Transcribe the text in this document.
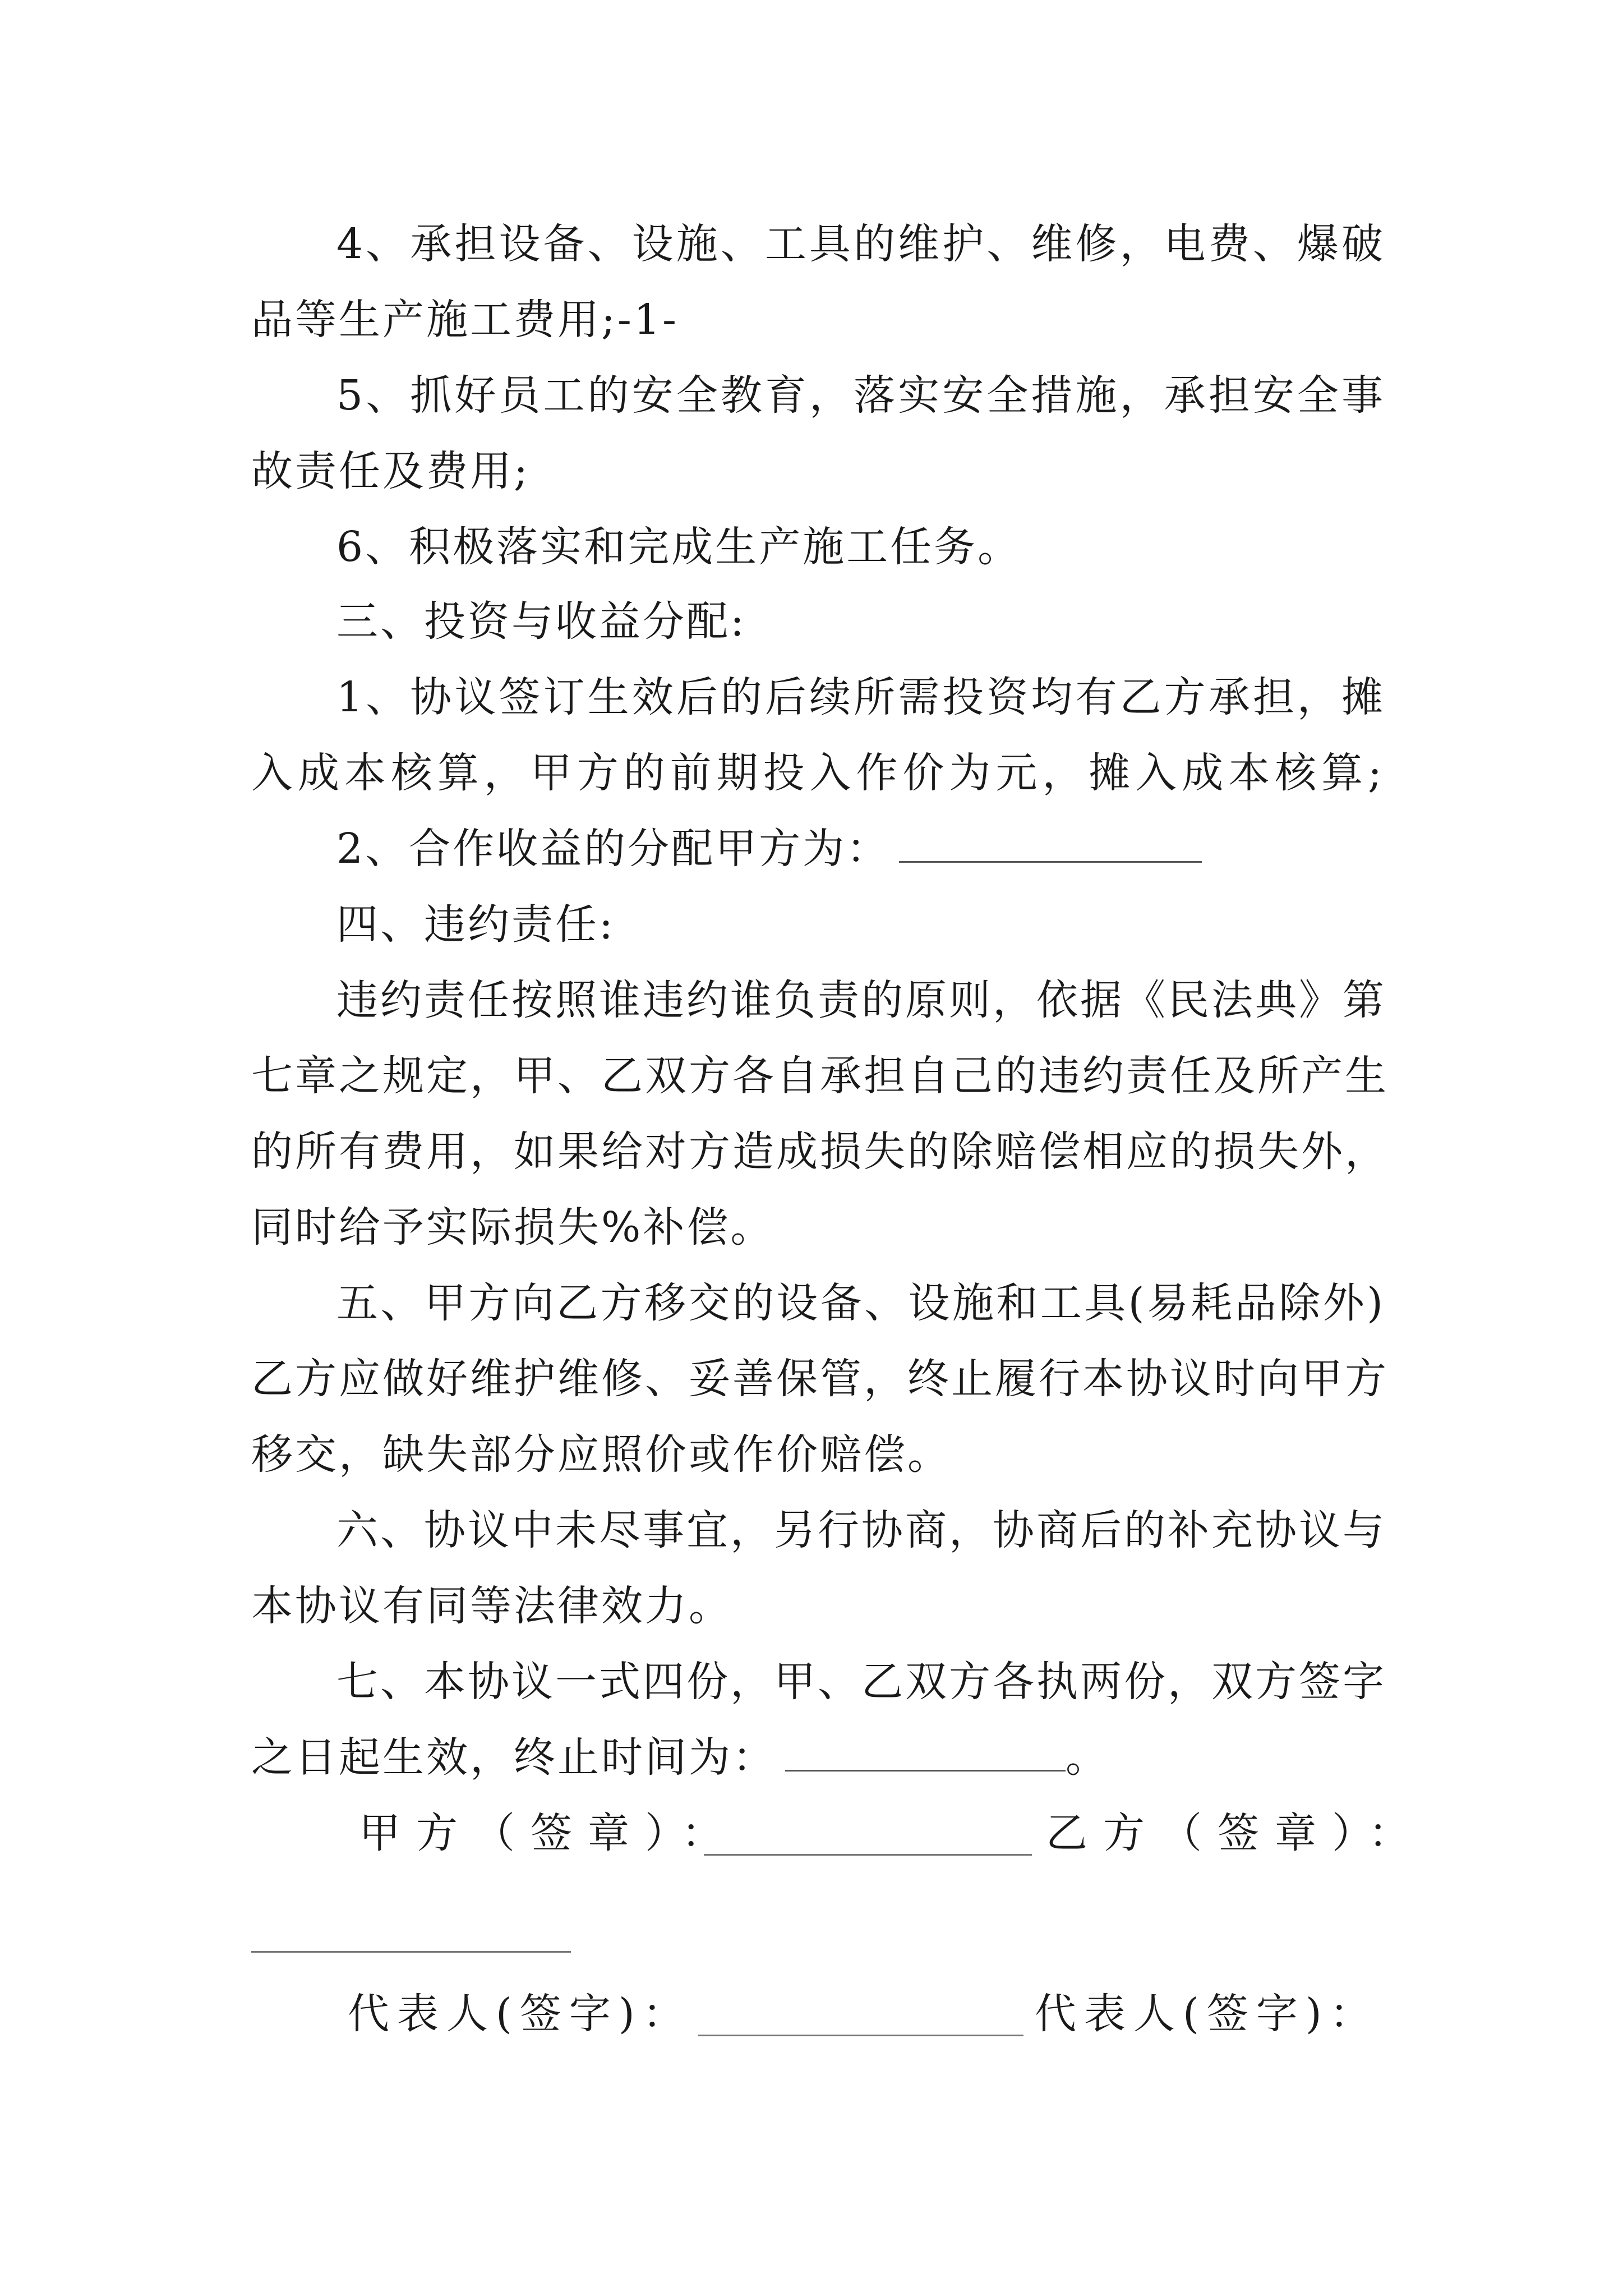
4、承担设备、设施、工具的维护、维修，电费、爆破
品等生产施工费用;-1-
5、抓好员工的安全教育，落实安全措施，承担安全事
故责任及费用;
6、积极落实和完成生产施工任务。
三、投资与收益分配:
1、协议签订生效后的后续所需投资均有乙方承担，摊
入成本核算，甲方的前期投入作价为元，摊入成本核算;
2、合作收益的分配甲方为：
四、违约责任:
违约责任按照谁违约谁负责的原则，依据《民法典》第
七章之规定，甲、乙双方各自承担自己的违约责任及所产生
的所有费用，如果给对方造成损失的除赔偿相应的损失外，
同时给予实际损失%补偿。
五、甲方向乙方移交的设备、设施和工具(易耗品除外)
乙方应做好维护维修、妥善保管，终止履行本协议时向甲方
移交，缺失部分应照价或作价赔偿。
六、协议中未尽事宜，另行协商，协商后的补充协议与
本协议有同等法律效力。
七、本协议一式四份，甲、乙双方各执两份，双方签字
之日起生效，终止时间为：	。
甲方（签章）：	乙方（签章）：
代表人(签字)：	代表人(签字)：
